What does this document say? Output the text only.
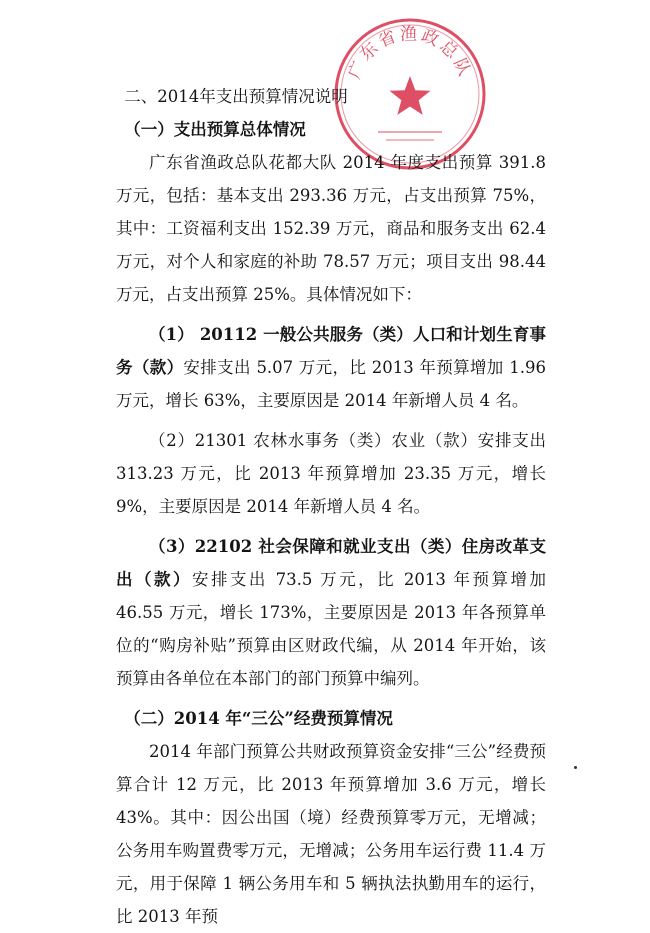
广东省渔政总队

二、2014年支出预算情况说明

（一）支出预算总体情况

广东省渔政总队花都大队 2014 年度支出预算 391.8 万元，包括：基本支出 293.36 万元，占支出预算 75%，其中：工资福利支出 152.39 万元，商品和服务支出 62.4 万元，对个人和家庭的补助 78.57 万元；项目支出 98.44 万元，占支出预算 25%。具体情况如下：

（1） 20112 一般公共服务（类）人口和计划生育事务（款）安排支出 5.07 万元，比 2013 年预算增加 1.96 万元，增长 63%，主要原因是 2014 年新增人员 4 名。

（2）21301 农林水事务（类）农业（款）安排支出 313.23 万元，比 2013 年预算增加 23.35 万元，增长 9%，主要原因是 2014 年新增人员 4 名。

（3）22102 社会保障和就业支出（类）住房改革支出（款）安排支出 73.5 万元，比 2013 年预算增加 46.55 万元，增长 173%，主要原因是 2013 年各预算单位的“购房补贴”预算由区财政代编，从 2014 年开始，该预算由各单位在本部门的部门预算中编列。

（二）2014 年“三公”经费预算情况

2014 年部门预算公共财政预算资金安排“三公”经费预算合计 12 万元，比 2013 年预算增加 3.6 万元，增长 43%。其中：因公出国（境）经费预算零万元，无增减；公务用车购置费零万元，无增减；公务用车运行费 11.4 万元，用于保障 1 辆公务用车和 5 辆执法执勤用车的运行，比 2013 年预
